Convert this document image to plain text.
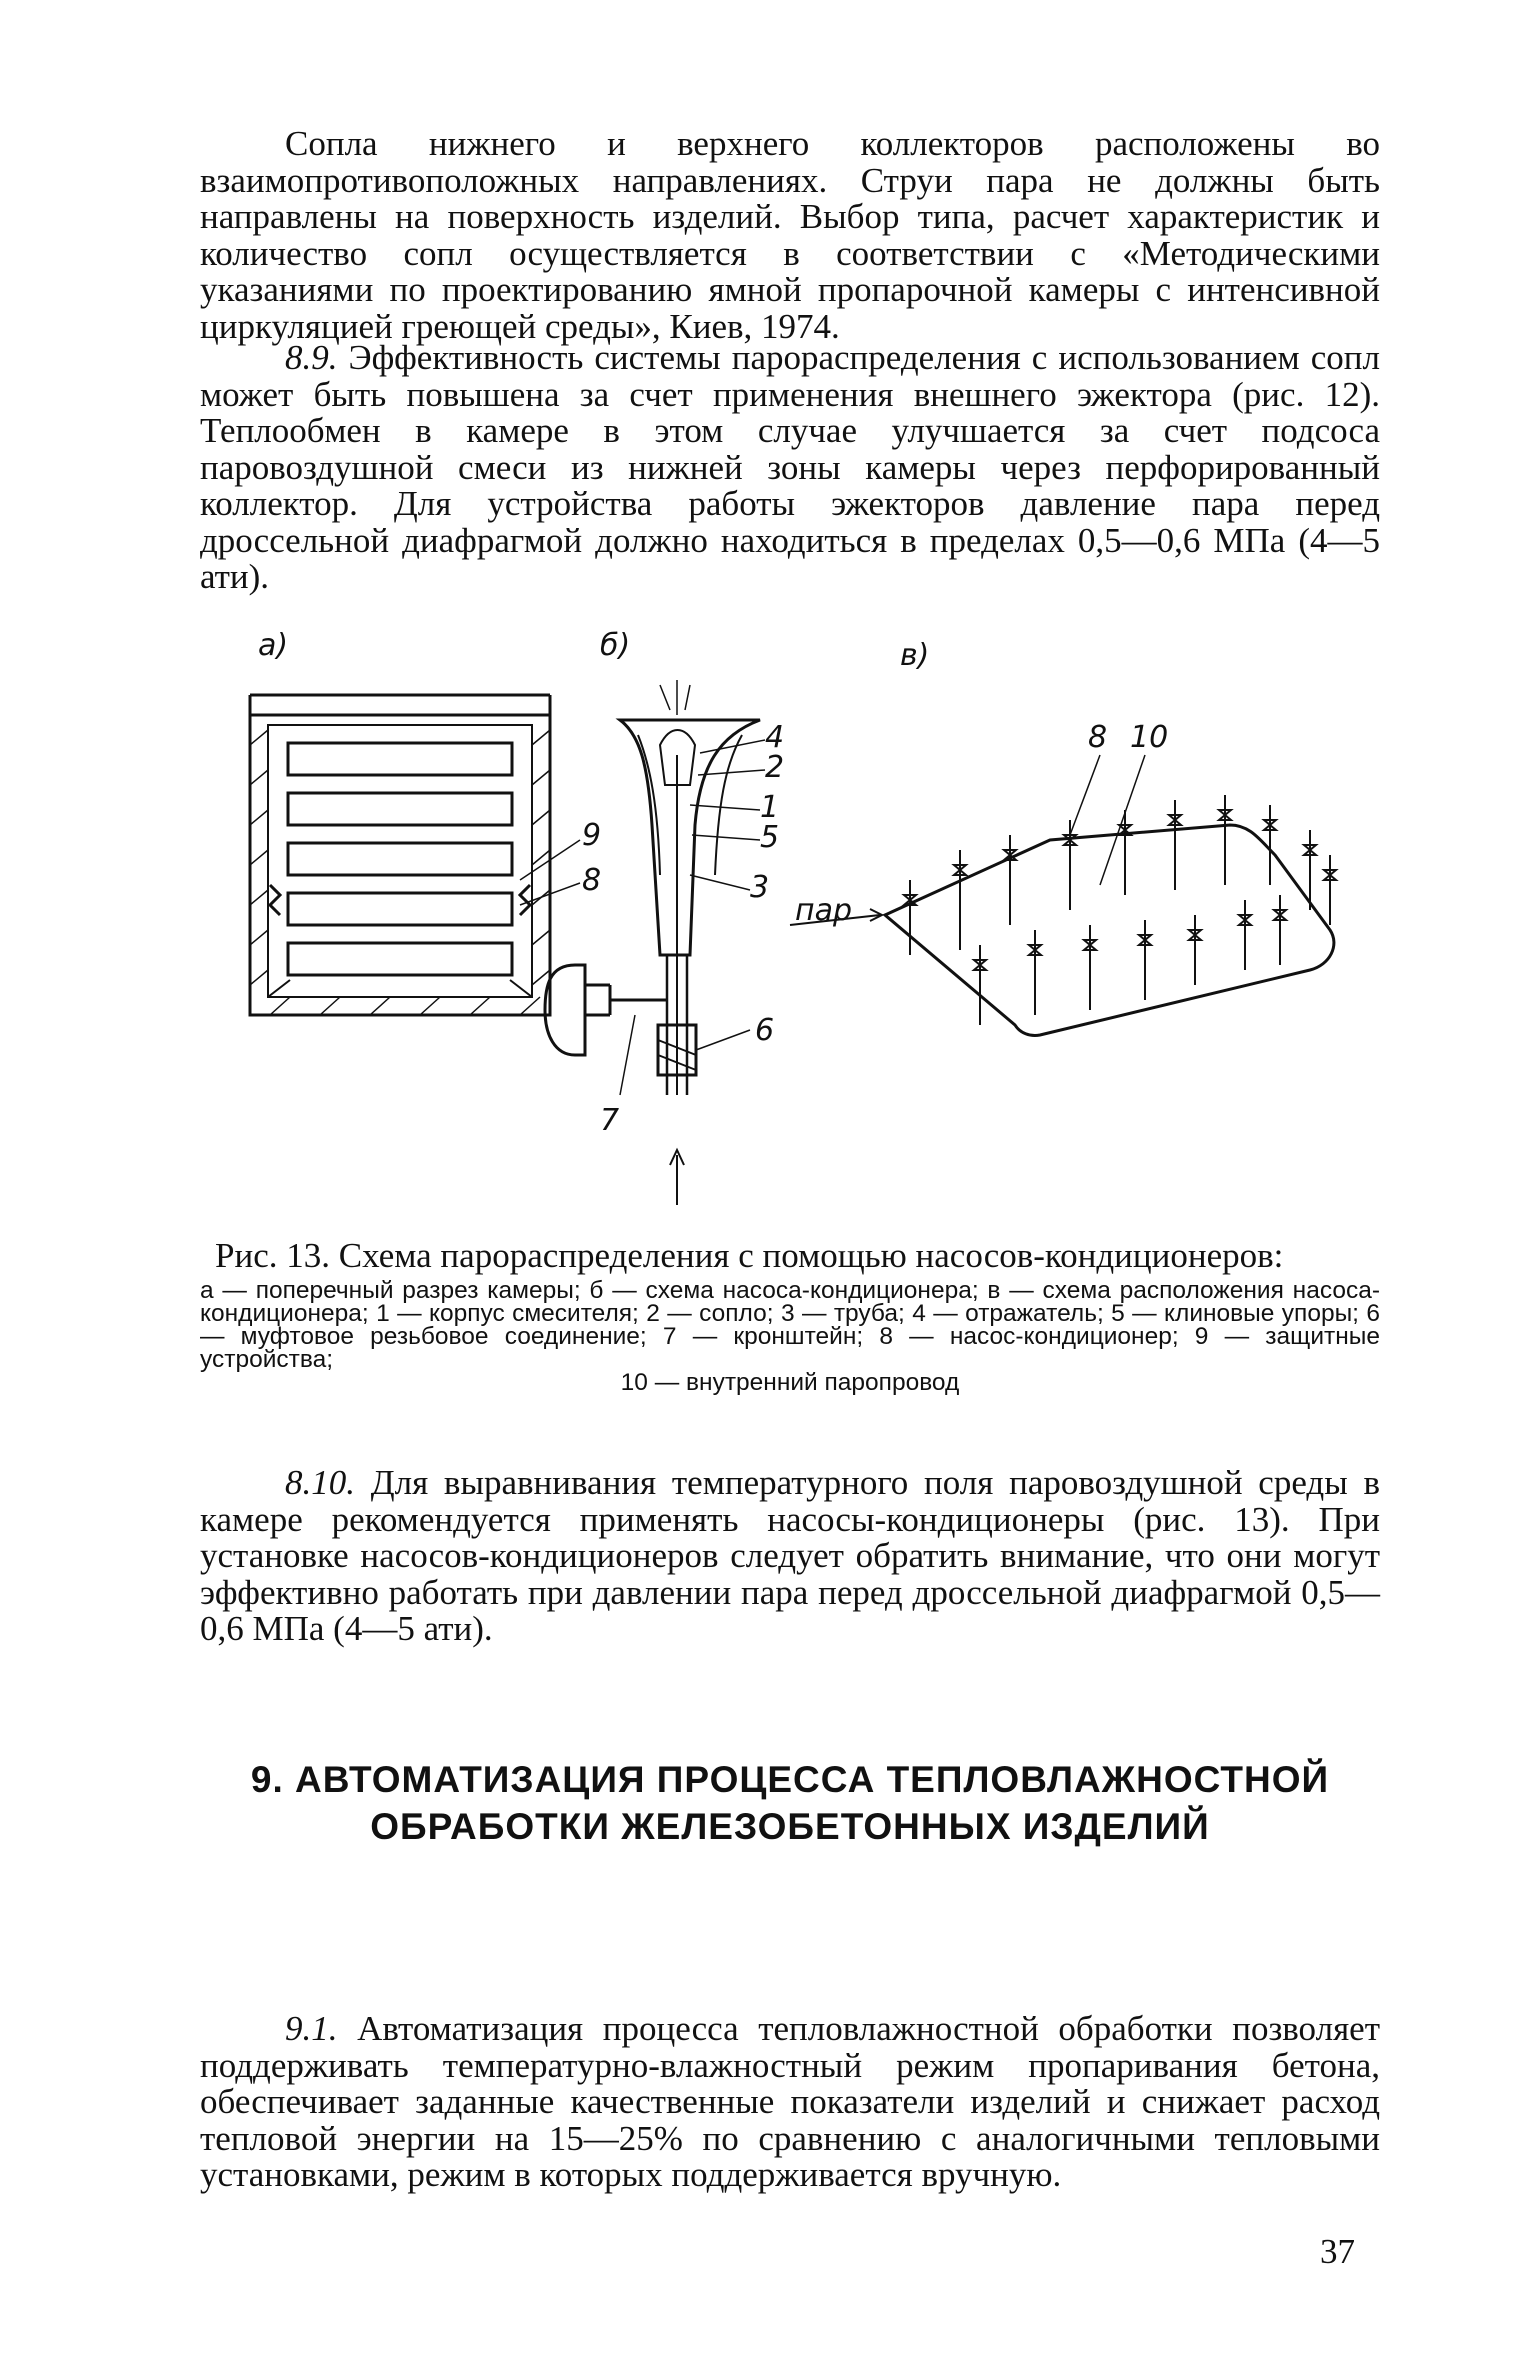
Сопла нижнего и верхнего коллекторов расположены во взаимопротивоположных направлениях. Струи пара не должны быть направлены на поверхность изделий. Выбор типа, расчет характеристик и количество сопл осуществляется в соответствии с «Методическими указаниями по проектированию ямной пропарочной камеры с интенсивной циркуляцией греющей среды», Киев, 1974.

8.9. Эффективность системы парораспределения с использованием сопл может быть повышена за счет применения внешнего эжектора (рис. 12). Теплообмен в камере в этом случае улучшается за счет подсоса паровоздушной смеси из нижней зоны камеры через перфорированный коллектор. Для устройства работы эжекторов давление пара перед дроссельной диафрагмой должно находиться в пределах 0,5—0,6 МПа (4—5 ати).

а)
9
8
б)
4
2
1
5
3
6
7
в)
пар
8 10

Рис. 13. Схема парораспределения с помощью насосов-кондиционеров:

а — поперечный разрез камеры; б — схема насоса-кондиционера; в — схема расположения насоса-кондиционера; 1 — корпус смесителя; 2 — сопло; 3 — труба; 4 — отражатель; 5 — клиновые упоры; 6 — муфтовое резьбовое соединение; 7 — кронштейн; 8 — насос-кондиционер; 9 — защитные устройства;
10 — внутренний паропровод

8.10. Для выравнивания температурного поля паровоздушной среды в камере рекомендуется применять насосы-кондиционеры (рис. 13). При установке насосов-кондиционеров следует обратить внимание, что они могут эффективно работать при давлении пара перед дроссельной диафрагмой 0,5—0,6 МПа (4—5 ати).

9. АВТОМАТИЗАЦИЯ ПРОЦЕССА ТЕПЛОВЛАЖНОСТНОЙ ОБРАБОТКИ ЖЕЛЕЗОБЕТОННЫХ ИЗДЕЛИЙ

9.1. Автоматизация процесса тепловлажностной обработки позволяет поддерживать температурно-влажностный режим пропаривания бетона, обеспечивает заданные качественные показатели изделий и снижает расход тепловой энергии на 15—25% по сравнению с аналогичными тепловыми установками, режим в которых поддерживается вручную.

37
